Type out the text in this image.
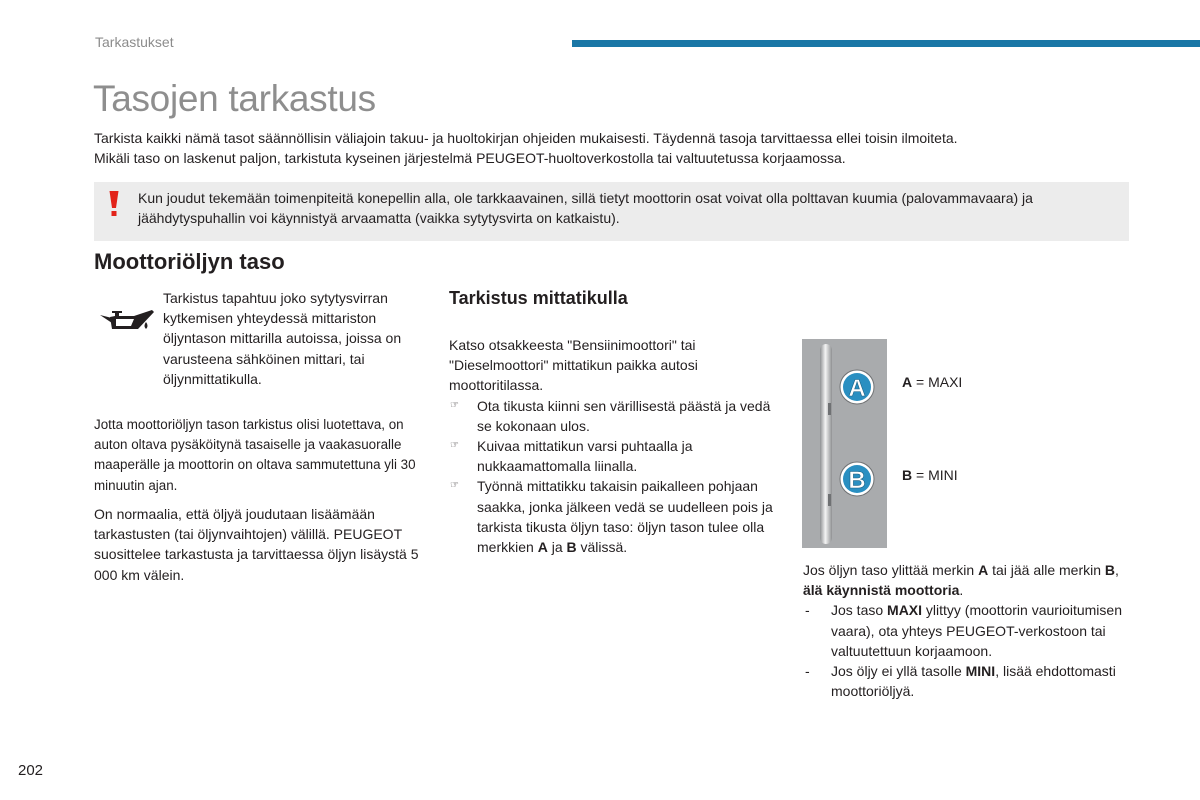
Tarkastukset
Tasojen tarkastus

Tarkista kaikki nämä tasot säännöllisin väliajoin takuu- ja huoltokirjan ohjeiden mukaisesti. Täydennä tasoja tarvittaessa ellei toisin ilmoiteta.

Mikäli taso on laskenut paljon, tarkistuta kyseinen järjestelmä PEUGEOT-huoltoverkostolla tai valtuutetussa korjaamossa.

Kun joudut tekemään toimenpiteitä konepellin alla, ole tarkkaavainen, sillä tietyt moottorin osat voivat olla polttavan kuumia (palovammavaara) ja jäähdytyspuhallin voi käynnistyä arvaamatta (vaikka sytytysvirta on katkaistu).
Moottoriöljyn taso

Tarkistus tapahtuu joko sytytysvirran kytkemisen yhteydessä mittariston öljyntason mittarilla autoissa, joissa on varusteena sähköinen mittari, tai öljynmittatikulla.

Jotta moottoriöljyn tason tarkistus olisi luotettava, on auton oltava pysäköitynä tasaiselle ja vaakasuoralle maaperälle ja moottorin on oltava sammutettuna yli 30 minuutin ajan.

On normaalia, että öljyä joudutaan lisäämään tarkastusten (tai öljynvaihtojen) välillä. PEUGEOT suosittelee tarkastusta ja tarvittaessa öljyn lisäystä 5 000 km välein.

Tarkistus mittatikulla

Katso otsakkeesta "Bensiinimoottori" tai "Dieselmoottori" mittatikun paikka autosi moottoritilassa.

☞ Ota tikusta kiinni sen värillisestä päästä ja vedä se kokonaan ulos.
☞ Kuivaa mittatikun varsi puhtaalla ja nukkaamattomalla liinalla.
☞ Työnnä mittatikku takaisin paikalleen pohjaan saakka, jonka jälkeen vedä se uudelleen pois ja tarkista tikusta öljyn taso: öljyn tason tulee olla merkkien A ja B välissä.
A
B
A = MAXI
B = MINI

Jos öljyn taso ylittää merkin A tai jää alle merkin B, älä käynnistä moottoria.

- Jos taso MAXI ylittyy (moottorin vaurioitumisen vaara), ota yhteys PEUGEOT-verkostoon tai valtuutettuun korjaamoon.
- Jos öljy ei yllä tasolle MINI, lisää ehdottomasti moottoriöljyä.
202
